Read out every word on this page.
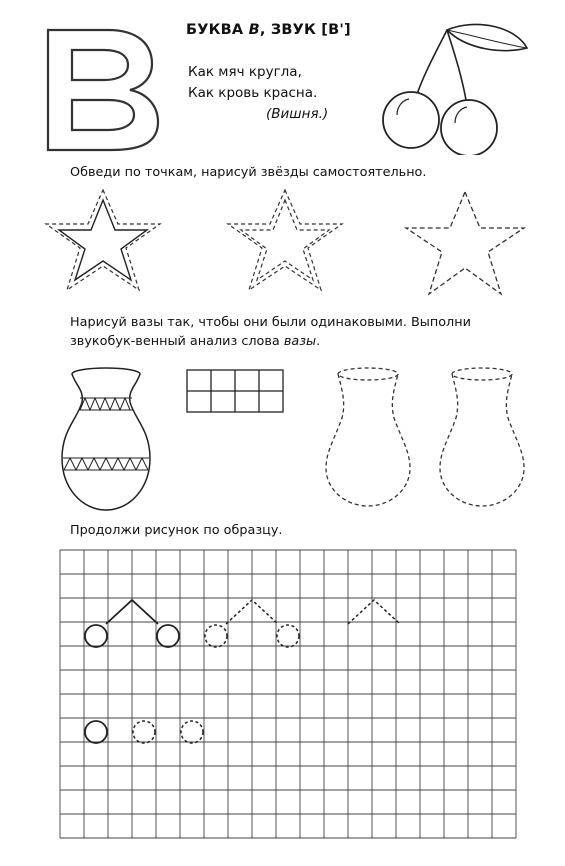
БУКВА В, ЗВУК [В']
Как мяч кругла,
Как кровь красна.
(Вишня.)
Обведи по точкам, нарисуй звёзды самостоятельно.
Нарисуй вазы так, чтобы они были одинаковыми. Выполни звукобук-венный анализ слова вазы.
Продолжи рисунок по образцу.
